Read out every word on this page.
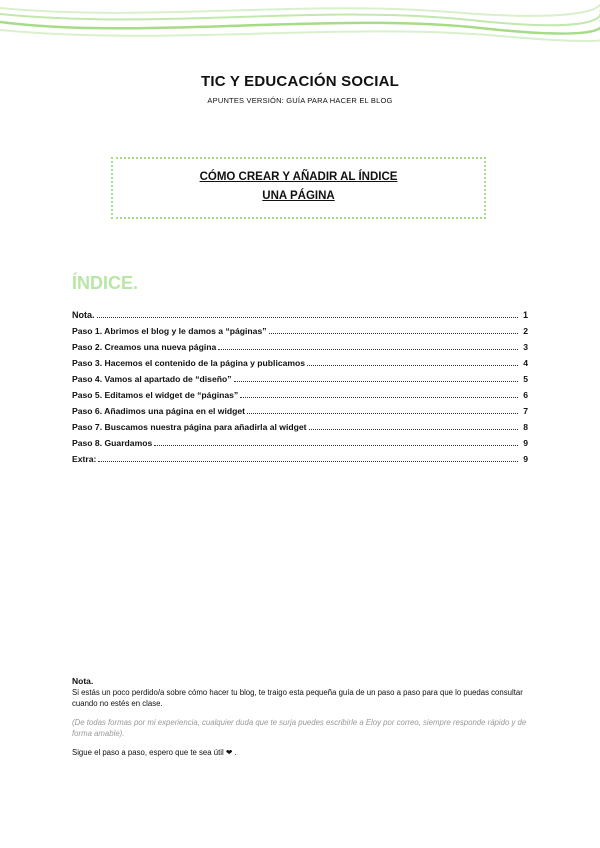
TIC Y EDUCACIÓN SOCIAL
APUNTES VERSIÓN: GUÍA PARA HACER EL BLOG
CÓMO CREAR Y AÑADIR AL ÍNDICE
UNA PÁGINA
ÍNDICE.
Nota.	1
Paso 1. Abrimos el blog y le damos a “páginas”	2
Paso 2. Creamos una nueva página	3
Paso 3. Hacemos el contenido de la página y publicamos	4
Paso 4. Vamos al apartado de “diseño”	5
Paso 5. Editamos el widget de “páginas”	6
Paso 6. Añadimos una página en el widget	7
Paso 7. Buscamos nuestra página para añadirla al widget	8
Paso 8. Guardamos	9
Extra:	9
Nota.

Si estás un poco perdido/a sobre cómo hacer tu blog, te traigo esta pequeña guía de un paso a paso para que lo puedas consultar cuando no estés en clase.

(De todas formas por mi experiencia, cualquier duda que te surja puedes escribirle a Eloy por correo, siempre responde rápido y de forma amable).

Sigue el paso a paso, espero que te sea útil ❤ .
